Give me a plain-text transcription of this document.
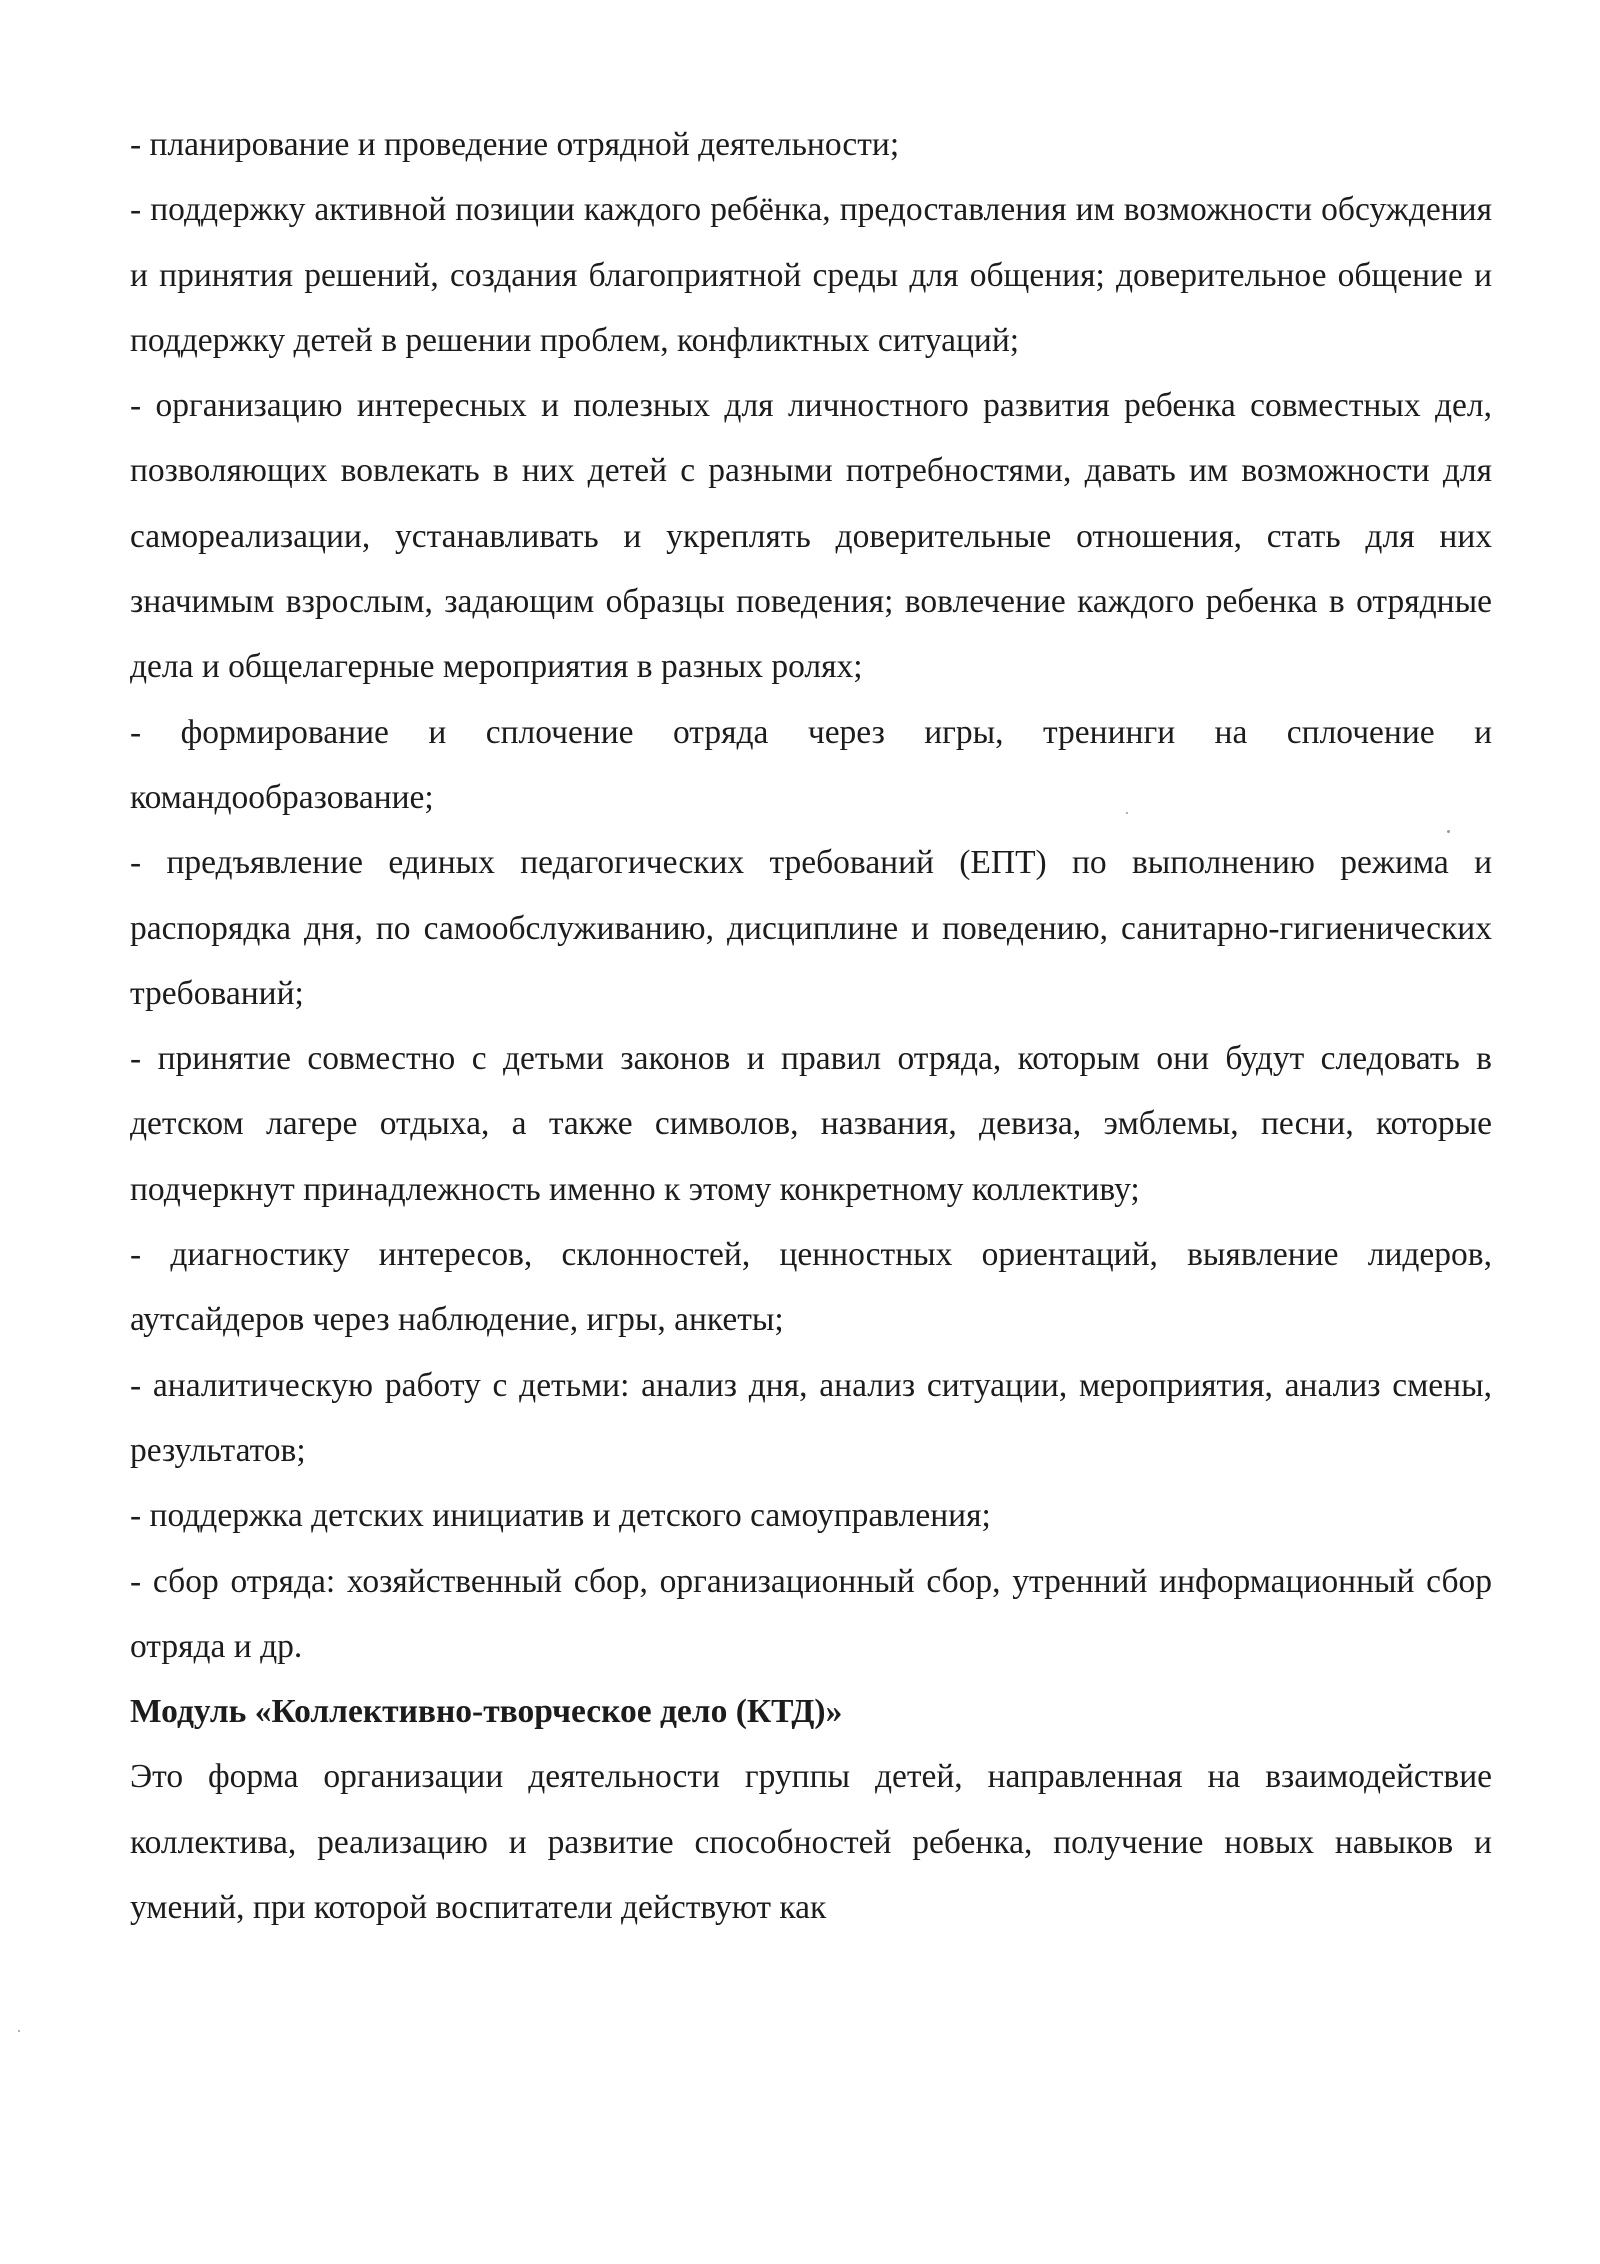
- планирование и проведение отрядной деятельности;

- поддержку активной позиции каждого ребёнка, предоставления им возможности обсуждения и принятия решений, создания благоприятной среды для общения; доверительное общение и поддержку детей в решении проблем, конфликтных ситуаций;

- организацию интересных и полезных для личностного развития ребенка совместных дел, позволяющих вовлекать в них детей с разными потребностями, давать им возможности для самореализации, устанавливать и укреплять доверительные отношения, стать для них значимым взрослым, задающим образцы поведения; вовлечение каждого ребенка в отрядные дела и общелагерные мероприятия в разных ролях;

- формирование и сплочение отряда через игры, тренинги на сплочение и командообразование;

- предъявление единых педагогических требований (ЕПТ) по выполнению режима и распорядка дня, по самообслуживанию, дисциплине и поведению, санитарно-гигиенических требований;

- принятие совместно с детьми законов и правил отряда, которым они будут следовать в детском лагере отдыха, а также символов, названия, девиза, эмблемы, песни, которые подчеркнут принадлежность именно к этому конкретному коллективу;

- диагностику интересов, склонностей, ценностных ориентаций, выявление лидеров, аутсайдеров через наблюдение, игры, анкеты;

- аналитическую работу с детьми: анализ дня, анализ ситуации, мероприятия, анализ смены, результатов;

- поддержка детских инициатив и детского самоуправления;

- сбор отряда: хозяйственный сбор, организационный сбор, утренний информационный сбор отряда и др.

Модуль «Коллективно-творческое дело (КТД)»

Это форма организации деятельности группы детей, направленная на взаимодействие коллектива, реализацию и развитие способностей ребенка, получение новых навыков и умений, при которой воспитатели действуют как
